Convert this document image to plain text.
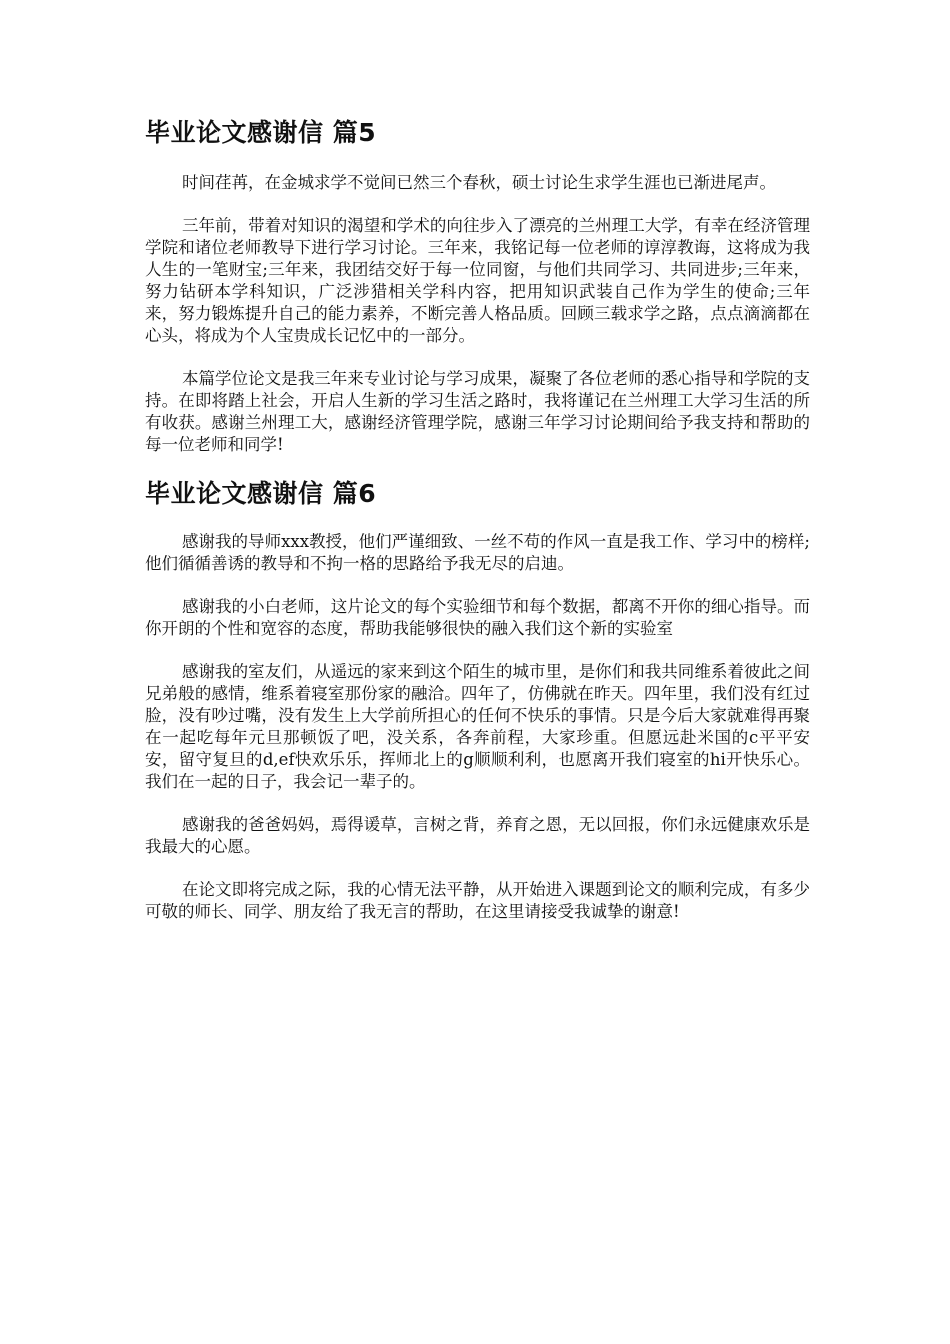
毕业论文感谢信 篇5

时间荏苒，在金城求学不觉间已然三个春秋，硕士讨论生求学生涯也已渐进尾声。

三年前，带着对知识的渴望和学术的向往步入了漂亮的兰州理工大学，有幸在经济管理学院和诸位老师教导下进行学习讨论。三年来，我铭记每一位老师的谆淳教诲，这将成为我人生的一笔财宝;三年来，我团结交好于每一位同窗，与他们共同学习、共同进步;三年来，努力钻研本学科知识，广泛涉猎相关学科内容，把用知识武装自己作为学生的使命;三年来，努力锻炼提升自己的能力素养，不断完善人格品质。回顾三载求学之路，点点滴滴都在心头，将成为个人宝贵成长记忆中的一部分。

本篇学位论文是我三年来专业讨论与学习成果，凝聚了各位老师的悉心指导和学院的支持。在即将踏上社会，开启人生新的学习生活之路时，我将谨记在兰州理工大学习生活的所有收获。感谢兰州理工大，感谢经济管理学院，感谢三年学习讨论期间给予我支持和帮助的每一位老师和同学!

毕业论文感谢信 篇6

感谢我的导师xxx教授，他们严谨细致、一丝不苟的作风一直是我工作、学习中的榜样;他们循循善诱的教导和不拘一格的思路给予我无尽的启迪。

感谢我的小白老师，这片论文的每个实验细节和每个数据，都离不开你的细心指导。而你开朗的个性和宽容的态度，帮助我能够很快的融入我们这个新的实验室

感谢我的室友们，从遥远的家来到这个陌生的城市里，是你们和我共同维系着彼此之间兄弟般的感情，维系着寝室那份家的融洽。四年了，仿佛就在昨天。四年里，我们没有红过脸，没有吵过嘴，没有发生上大学前所担心的任何不快乐的事情。只是今后大家就难得再聚在一起吃每年元旦那顿饭了吧，没关系，各奔前程，大家珍重。但愿远赴米国的c平平安安，留守复旦的d,ef快欢乐乐，挥师北上的g顺顺利利，也愿离开我们寝室的hi开快乐心。我们在一起的日子，我会记一辈子的。

感谢我的爸爸妈妈，焉得谖草，言树之背，养育之恩，无以回报，你们永远健康欢乐是我最大的心愿。

在论文即将完成之际，我的心情无法平静，从开始进入课题到论文的顺利完成，有多少可敬的师长、同学、朋友给了我无言的帮助，在这里请接受我诚挚的谢意!
